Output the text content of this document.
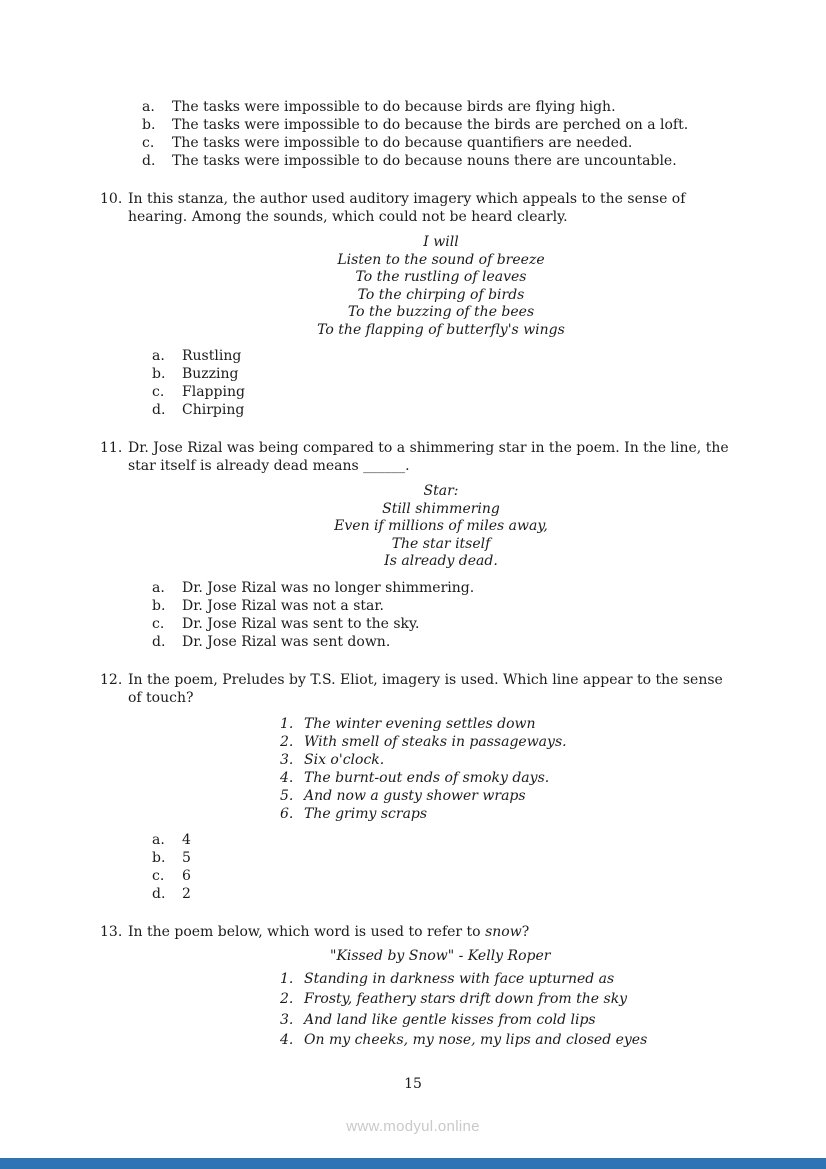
a.	The tasks were impossible to do because birds are flying high.
b.	The tasks were impossible to do because the birds are perched on a loft.
c.	The tasks were impossible to do because quantifiers are needed.
d.	The tasks were impossible to do because nouns there are uncountable.
10. In this stanza, the author used auditory imagery which appeals to the sense of hearing. Among the sounds, which could not be heard clearly.
I will
Listen to the sound of breeze
To the rustling of leaves
To the chirping of birds
To the buzzing of the bees
To the flapping of butterfly's wings
a.	Rustling
b.	Buzzing
c.	Flapping
d.	Chirping
11. Dr. Jose Rizal was being compared to a shimmering star in the poem. In the line, the star itself is already dead means ______.
Star:
Still shimmering
Even if millions of miles away,
The star itself
Is already dead.
a.	Dr. Jose Rizal was no longer shimmering.
b.	Dr. Jose Rizal was not a star.
c.	Dr. Jose Rizal was sent to the sky.
d.	Dr. Jose Rizal was sent down.
12. In the poem, Preludes by T.S. Eliot, imagery is used. Which line appear to the sense of touch?
1. The winter evening settles down
2. With smell of steaks in passageways.
3. Six o'clock.
4. The burnt-out ends of smoky days.
5. And now a gusty shower wraps
6. The grimy scraps
a.	4
b.	5
c.	6
d.	2
13. In the poem below, which word is used to refer to snow?
"Kissed by Snow" - Kelly Roper
1. Standing in darkness with face upturned as
2. Frosty, feathery stars drift down from the sky
3. And land like gentle kisses from cold lips
4. On my cheeks, my nose, my lips and closed eyes
15
www.modyul.online
